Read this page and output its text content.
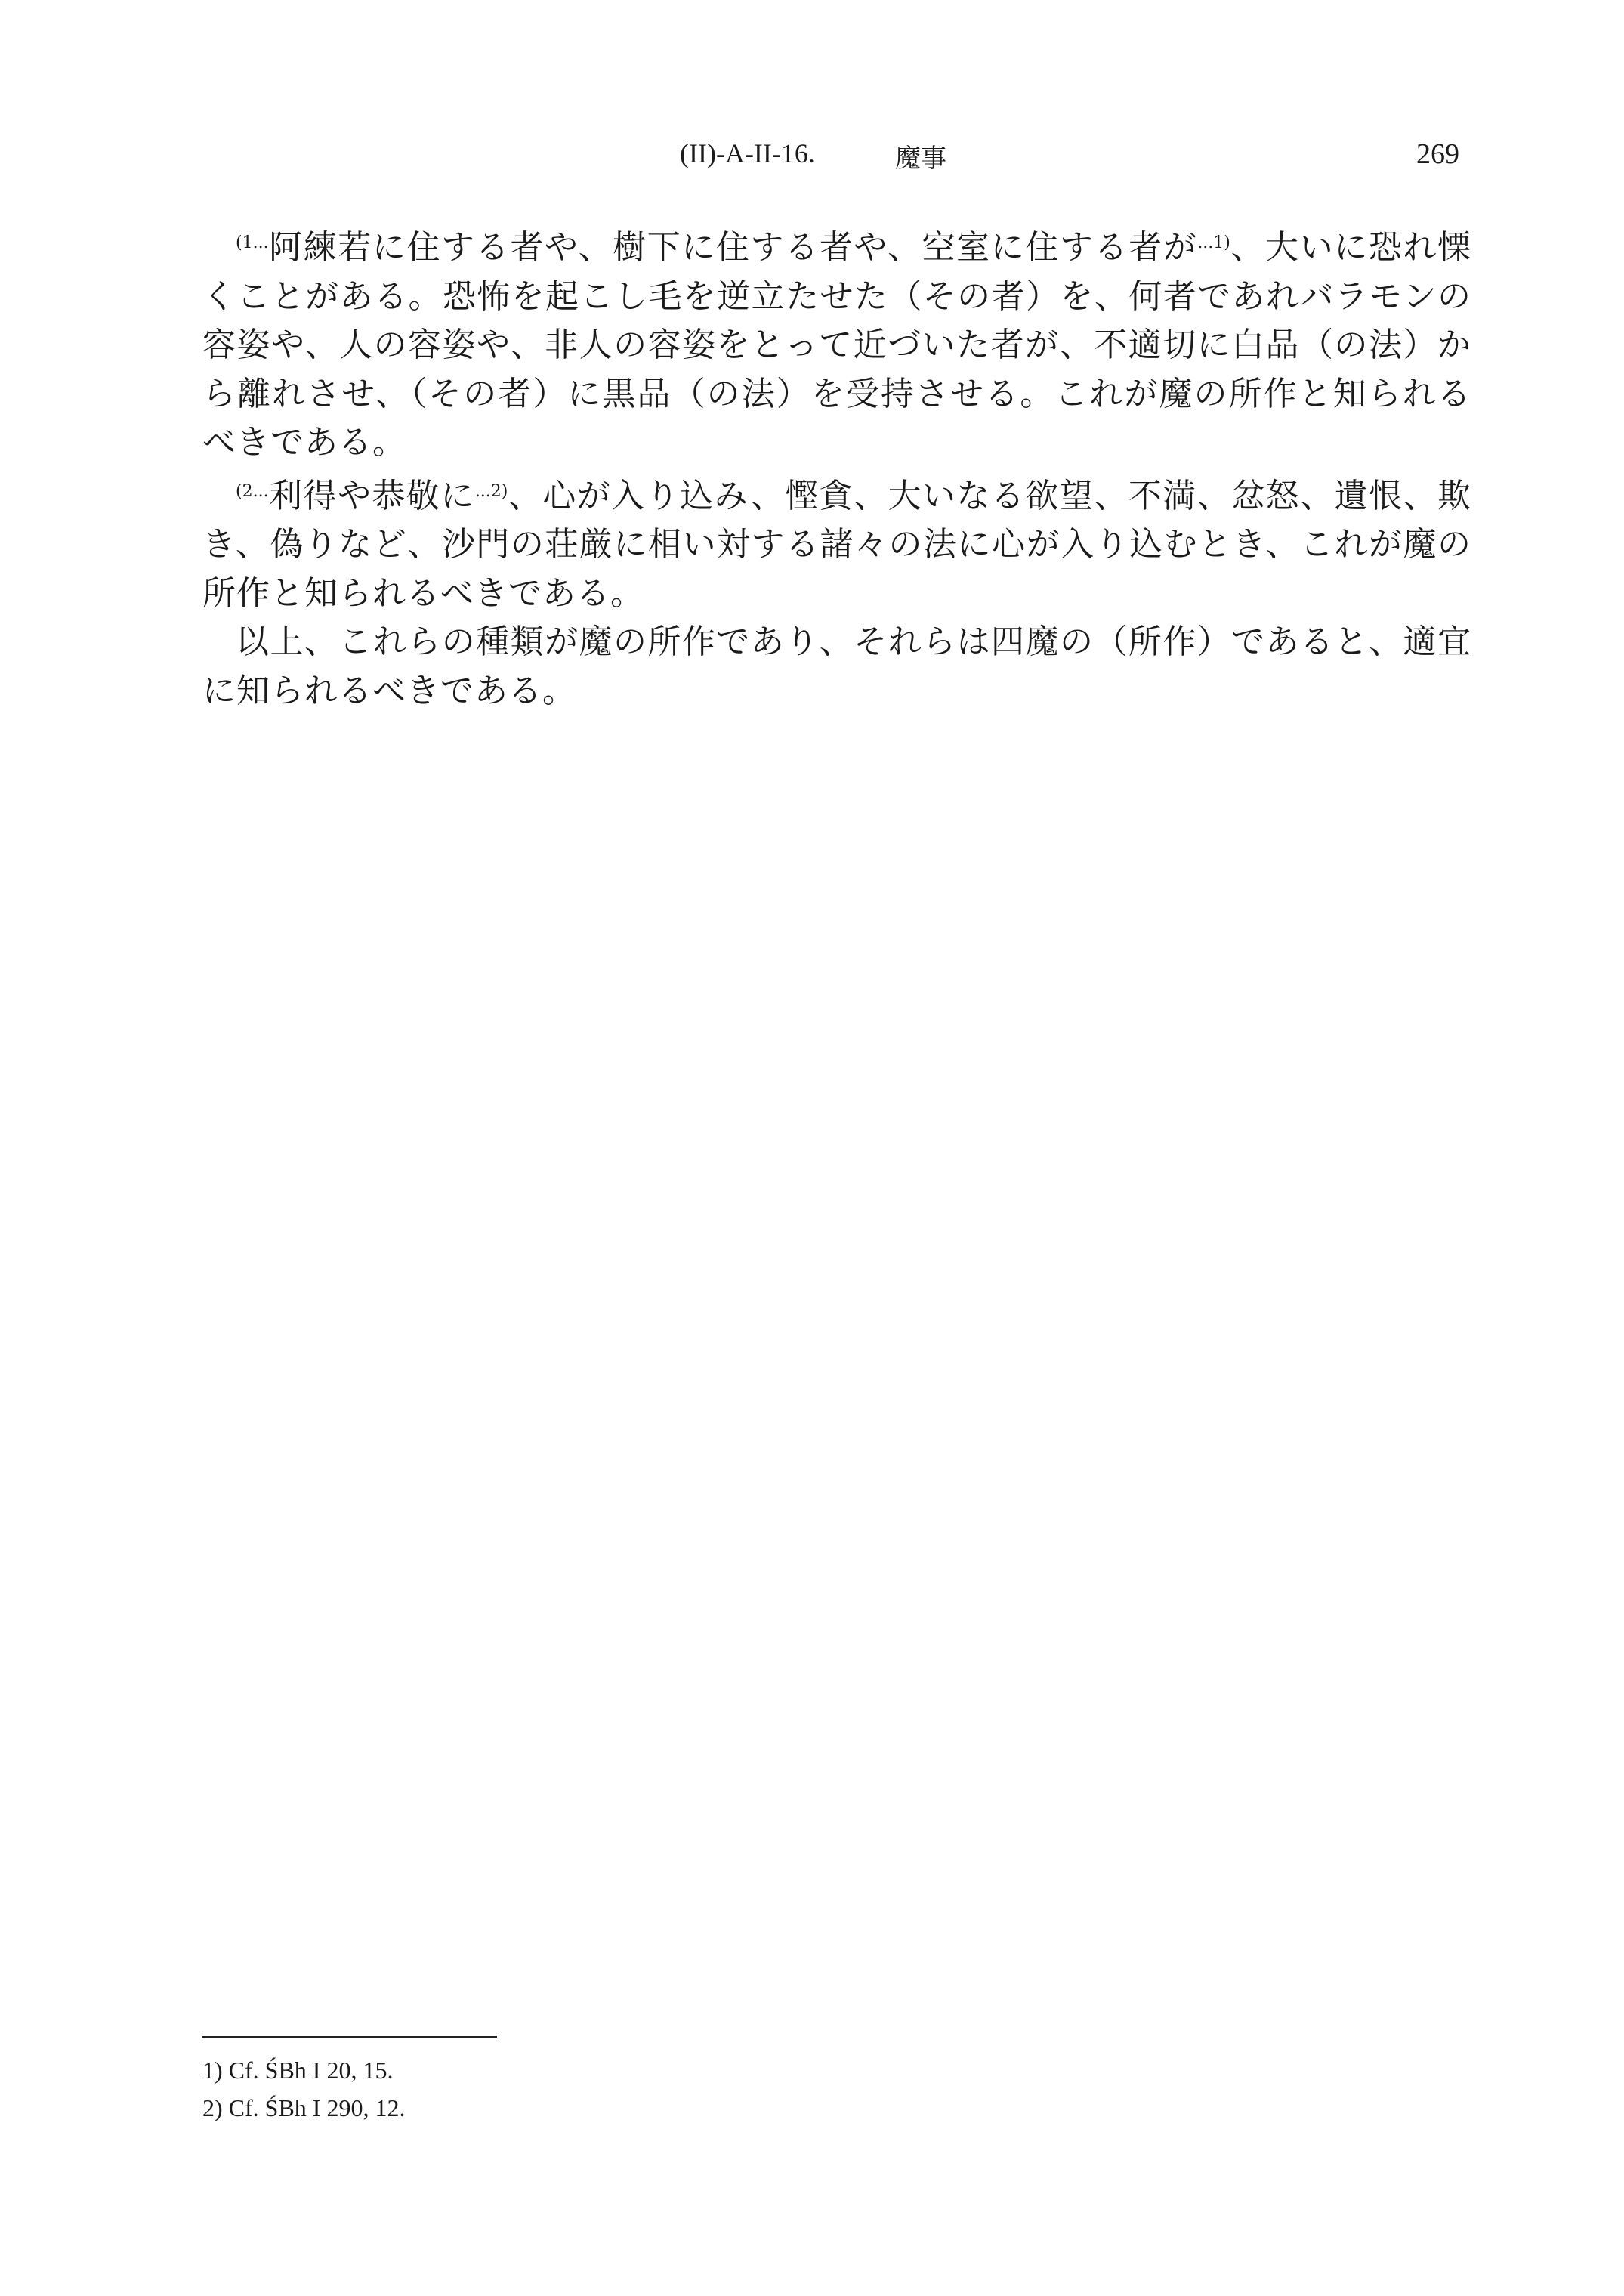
(II)-A-II-16.	魔事	269

$^{(1...}$阿練若に住する者や、樹下に住する者や、空室に住する者が$^{...1)}$、大いに恐れ慄くことがある。恐怖を起こし毛を逆立たせた（その者）を、何者であれバラモンの容姿や、人の容姿や、非人の容姿をとって近づいた者が、不適切に白品（の法）から離れさせ、（その者）に黒品（の法）を受持させる。これが魔の所作と知られるべきである。

$^{(2...}$利得や恭敬に$^{...2)}$、心が入り込み、慳貪、大いなる欲望、不満、忿怒、遺恨、欺き、偽りなど、沙門の荘厳に相い対する諸々の法に心が入り込むとき、これが魔の所作と知られるべきである。

以上、これらの種類が魔の所作であり、それらは四魔の（所作）であると、適宜に知られるべきである。

1) Cf. ŚBh I 20, 15.
2) Cf. ŚBh I 290, 12.
